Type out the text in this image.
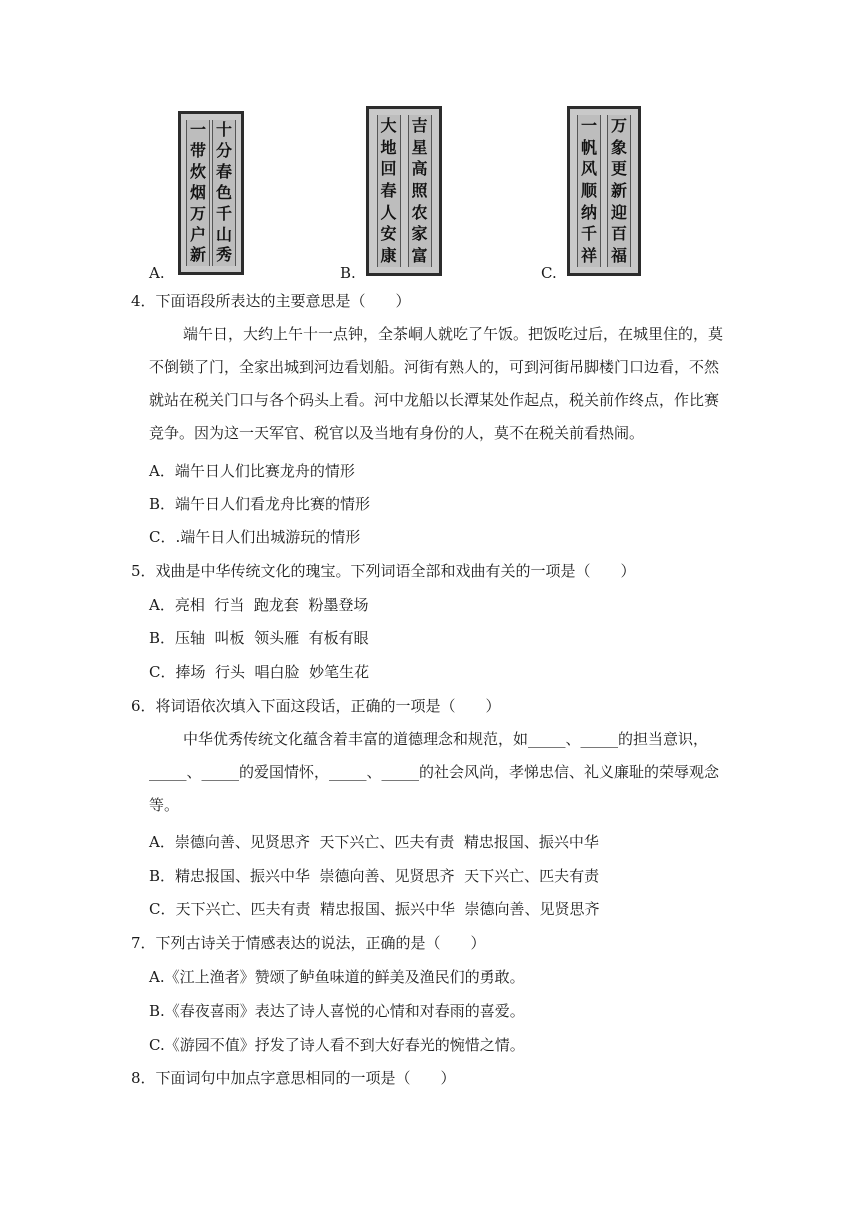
A.
一
带
炊
烟
万
户
新
十
分
春
色
千
山
秀
B.
大
地
回
春
人
安
康
吉
星
高
照
农
家
富
C.
一
帆
风
顺
纳
千
祥
万
象
更
新
迎
百
福
4．下面语段所表达的主要意思是（　　）
端午日，大约上午十一点钟，全茶峒人就吃了午饭。把饭吃过后，在城里住的，莫不倒锁了门，全家出城到河边看划船。河街有熟人的，可到河街吊脚楼门口边看，不然就站在税关门口与各个码头上看。河中龙船以长潭某处作起点，税关前作终点，作比赛竞争。因为这一天军官、税官以及当地有身份的人，莫不在税关前看热闹。
A．端午日人们比赛龙舟的情形
B．端午日人们看龙舟比赛的情形
C．.端午日人们出城游玩的情形
5．戏曲是中华传统文化的瑰宝。下列词语全部和戏曲有关的一项是（　　）
A．亮相  行当  跑龙套  粉墨登场
B．压轴  叫板  领头雁  有板有眼
C．捧场  行头  唱白脸  妙笔生花
6．将词语依次填入下面这段话，正确的一项是（　　）
中华优秀传统文化蕴含着丰富的道德理念和规范，如_____、_____的担当意识，_____、_____的爱国情怀，_____、_____的社会风尚，孝悌忠信、礼义廉耻的荣辱观念等。
A．崇德向善、见贤思齐  天下兴亡、匹夫有责  精忠报国、振兴中华
B．精忠报国、振兴中华  崇德向善、见贤思齐  天下兴亡、匹夫有责
C．天下兴亡、匹夫有责  精忠报国、振兴中华  崇德向善、见贤思齐
7．下列古诗关于情感表达的说法，正确的是（　　）
A.《江上渔者》赞颂了鲈鱼味道的鲜美及渔民们的勇敢。
B.《春夜喜雨》表达了诗人喜悦的心情和对春雨的喜爱。
C.《游园不值》抒发了诗人看不到大好春光的惋惜之情。
8．下面词句中加点字意思相同的一项是（　　）
